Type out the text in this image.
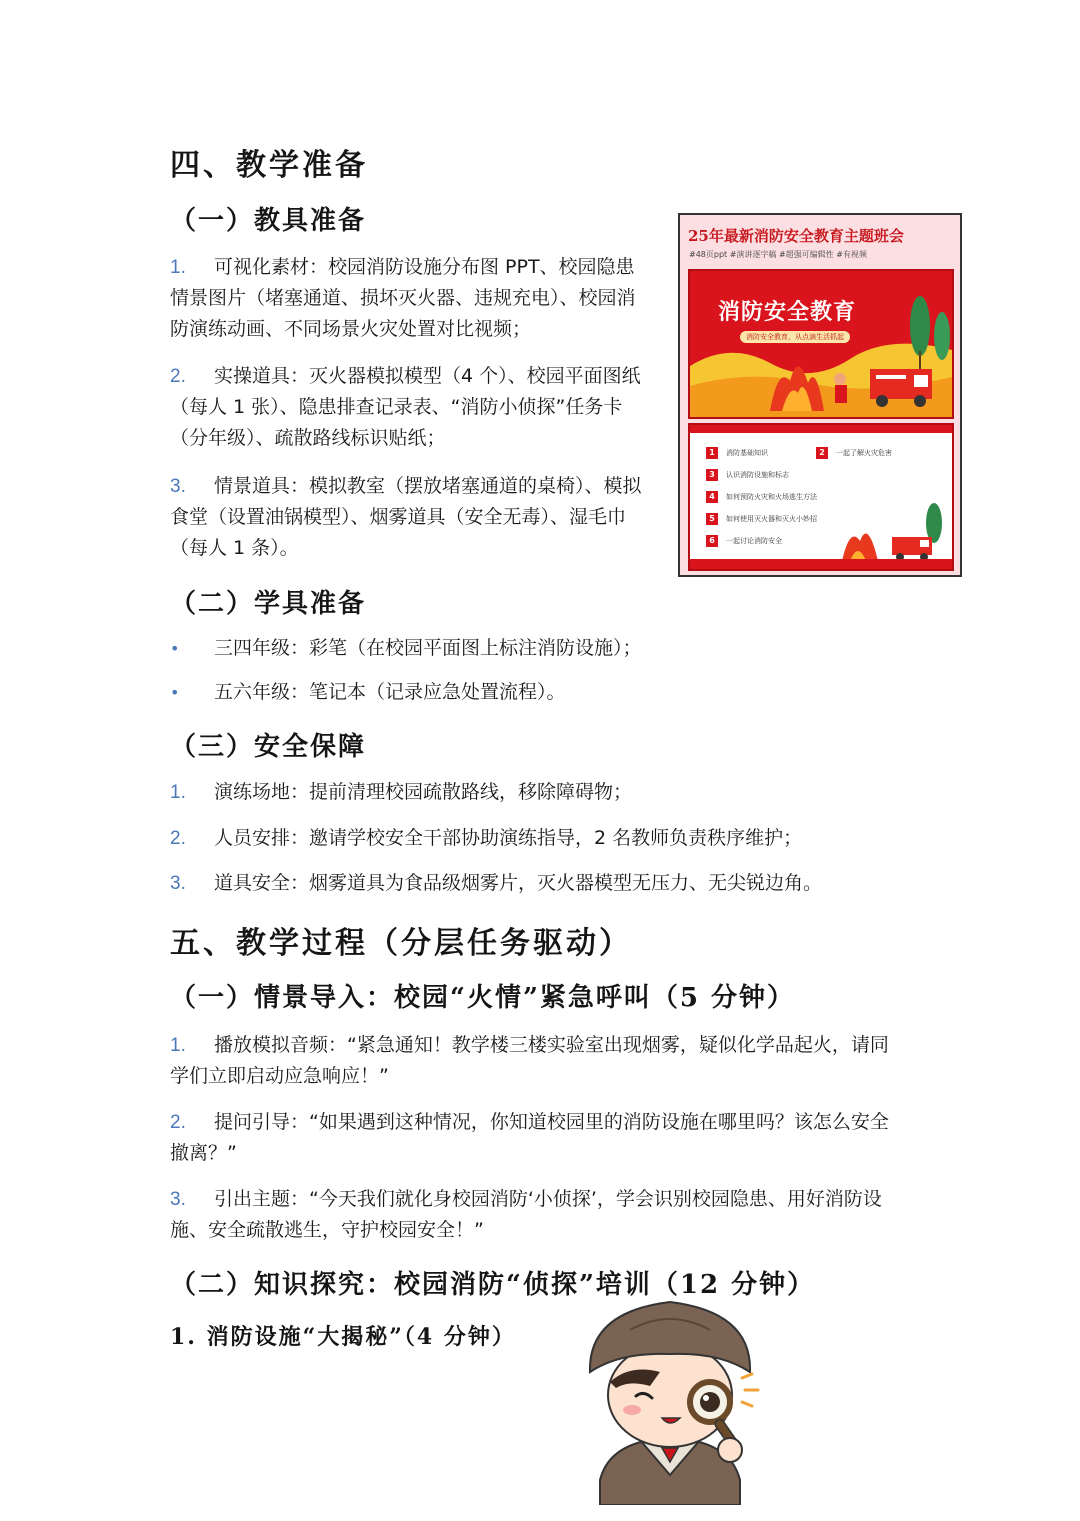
四、教学准备
（一）教具准备
1. 可视化素材：校园消防设施分布图 PPT、校园隐患
情景图片（堵塞通道、损坏灭火器、违规充电）、校园消
防演练动画、不同场景火灾处置对比视频；
2. 实操道具：灭火器模拟模型（4 个）、校园平面图纸
（每人 1 张）、隐患排查记录表、“消防小侦探”任务卡
（分年级）、疏散路线标识贴纸；
3. 情景道具：模拟教室（摆放堵塞通道的桌椅）、模拟
食堂（设置油锅模型）、烟雾道具（安全无毒）、湿毛巾
（每人 1 条）。
25年最新消防安全教育主题班会
#48页ppt #演讲逐字稿 #超强可编辑性 #有视频
消防安全教育
消防安全教育，从点滴生活抓起
1	消防基础知识	2	一起了解火灾危害
3	认识消防设施和标志
4	如何预防火灾和火场逃生方法
5	如何使用灭火器和灭火小妙招
6	一起讨论消防安全
（二）学具准备
• 三四年级：彩笔（在校园平面图上标注消防设施）；
• 五六年级：笔记本（记录应急处置流程）。
（三）安全保障
1. 演练场地：提前清理校园疏散路线，移除障碍物；
2. 人员安排：邀请学校安全干部协助演练指导，2 名教师负责秩序维护；
3. 道具安全：烟雾道具为食品级烟雾片，灭火器模型无压力、无尖锐边角。
五、教学过程（分层任务驱动）
（一）情景导入：校园“火情”紧急呼叫（5 分钟）
1. 播放模拟音频：“紧急通知！教学楼三楼实验室出现烟雾，疑似化学品起火，请同
学们立即启动应急响应！”
2. 提问引导：“如果遇到这种情况，你知道校园里的消防设施在哪里吗？该怎么安全
撤离？”
3. 引出主题：“今天我们就化身校园消防‘小侦探’，学会识别校园隐患、用好消防设
施、安全疏散逃生，守护校园安全！”
（二）知识探究：校园消防“侦探”培训（12 分钟）
1. 消防设施“大揭秘”（4 分钟）
